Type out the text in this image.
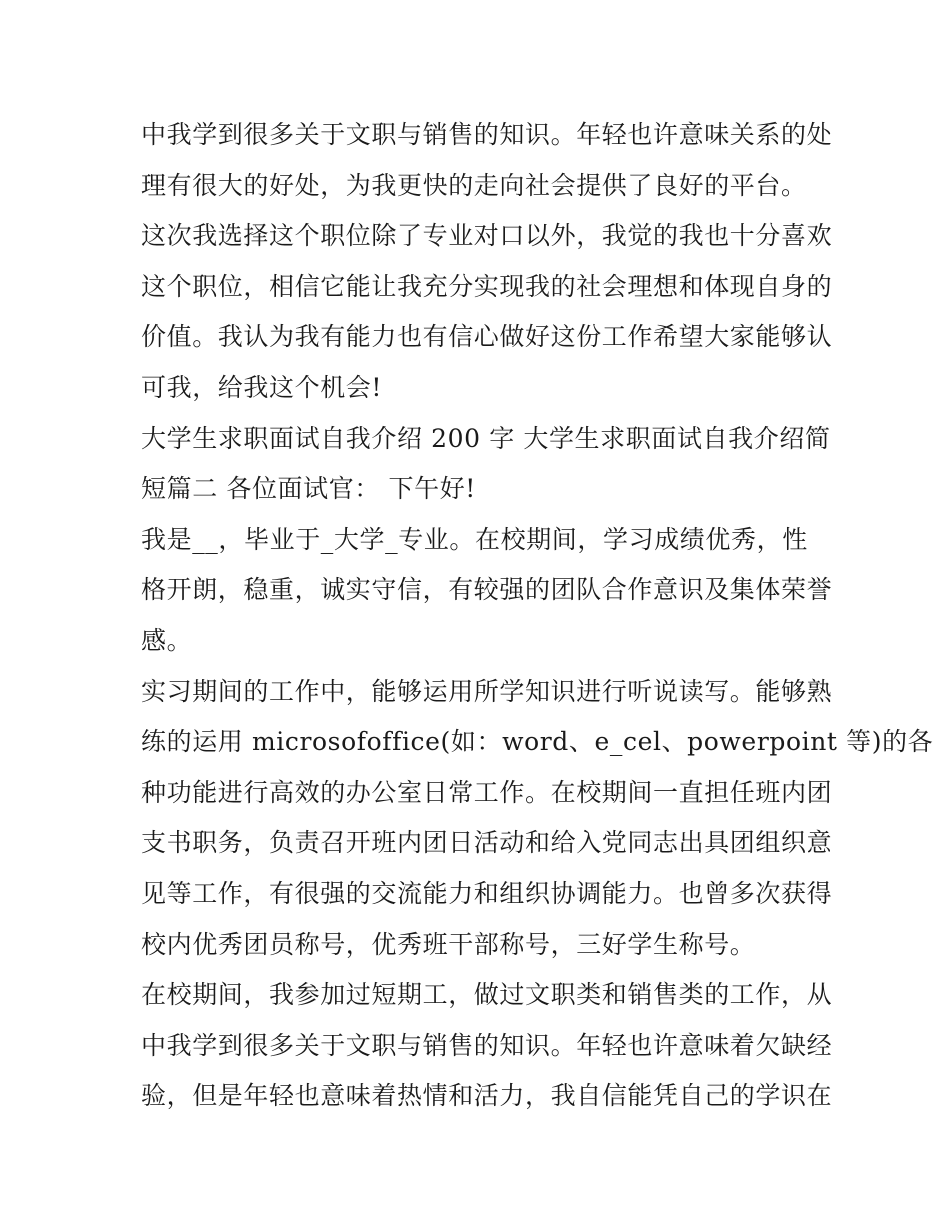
中我学到很多关于文职与销售的知识。年轻也许意味关系的处
理有很大的好处，为我更快的走向社会提供了良好的平台。
这次我选择这个职位除了专业对口以外，我觉的我也十分喜欢
这个职位，相信它能让我充分实现我的社会理想和体现自身的
价值。我认为我有能力也有信心做好这份工作希望大家能够认
可我，给我这个机会!
大学生求职面试自我介绍 200 字 大学生求职面试自我介绍简
短篇二 各位面试官： 下午好!
我是__，毕业于_大学_专业。在校期间，学习成绩优秀，性
格开朗，稳重，诚实守信，有较强的团队合作意识及集体荣誉
感。
实习期间的工作中，能够运用所学知识进行听说读写。能够熟
练的运用 microsofoffice(如：word、e_cel、powerpoint 等)的各
种功能进行高效的办公室日常工作。在校期间一直担任班内团
支书职务，负责召开班内团日活动和给入党同志出具团组织意
见等工作，有很强的交流能力和组织协调能力。也曾多次获得
校内优秀团员称号，优秀班干部称号，三好学生称号。
在校期间，我参加过短期工，做过文职类和销售类的工作，从
中我学到很多关于文职与销售的知识。年轻也许意味着欠缺经
验，但是年轻也意味着热情和活力，我自信能凭自己的学识在
